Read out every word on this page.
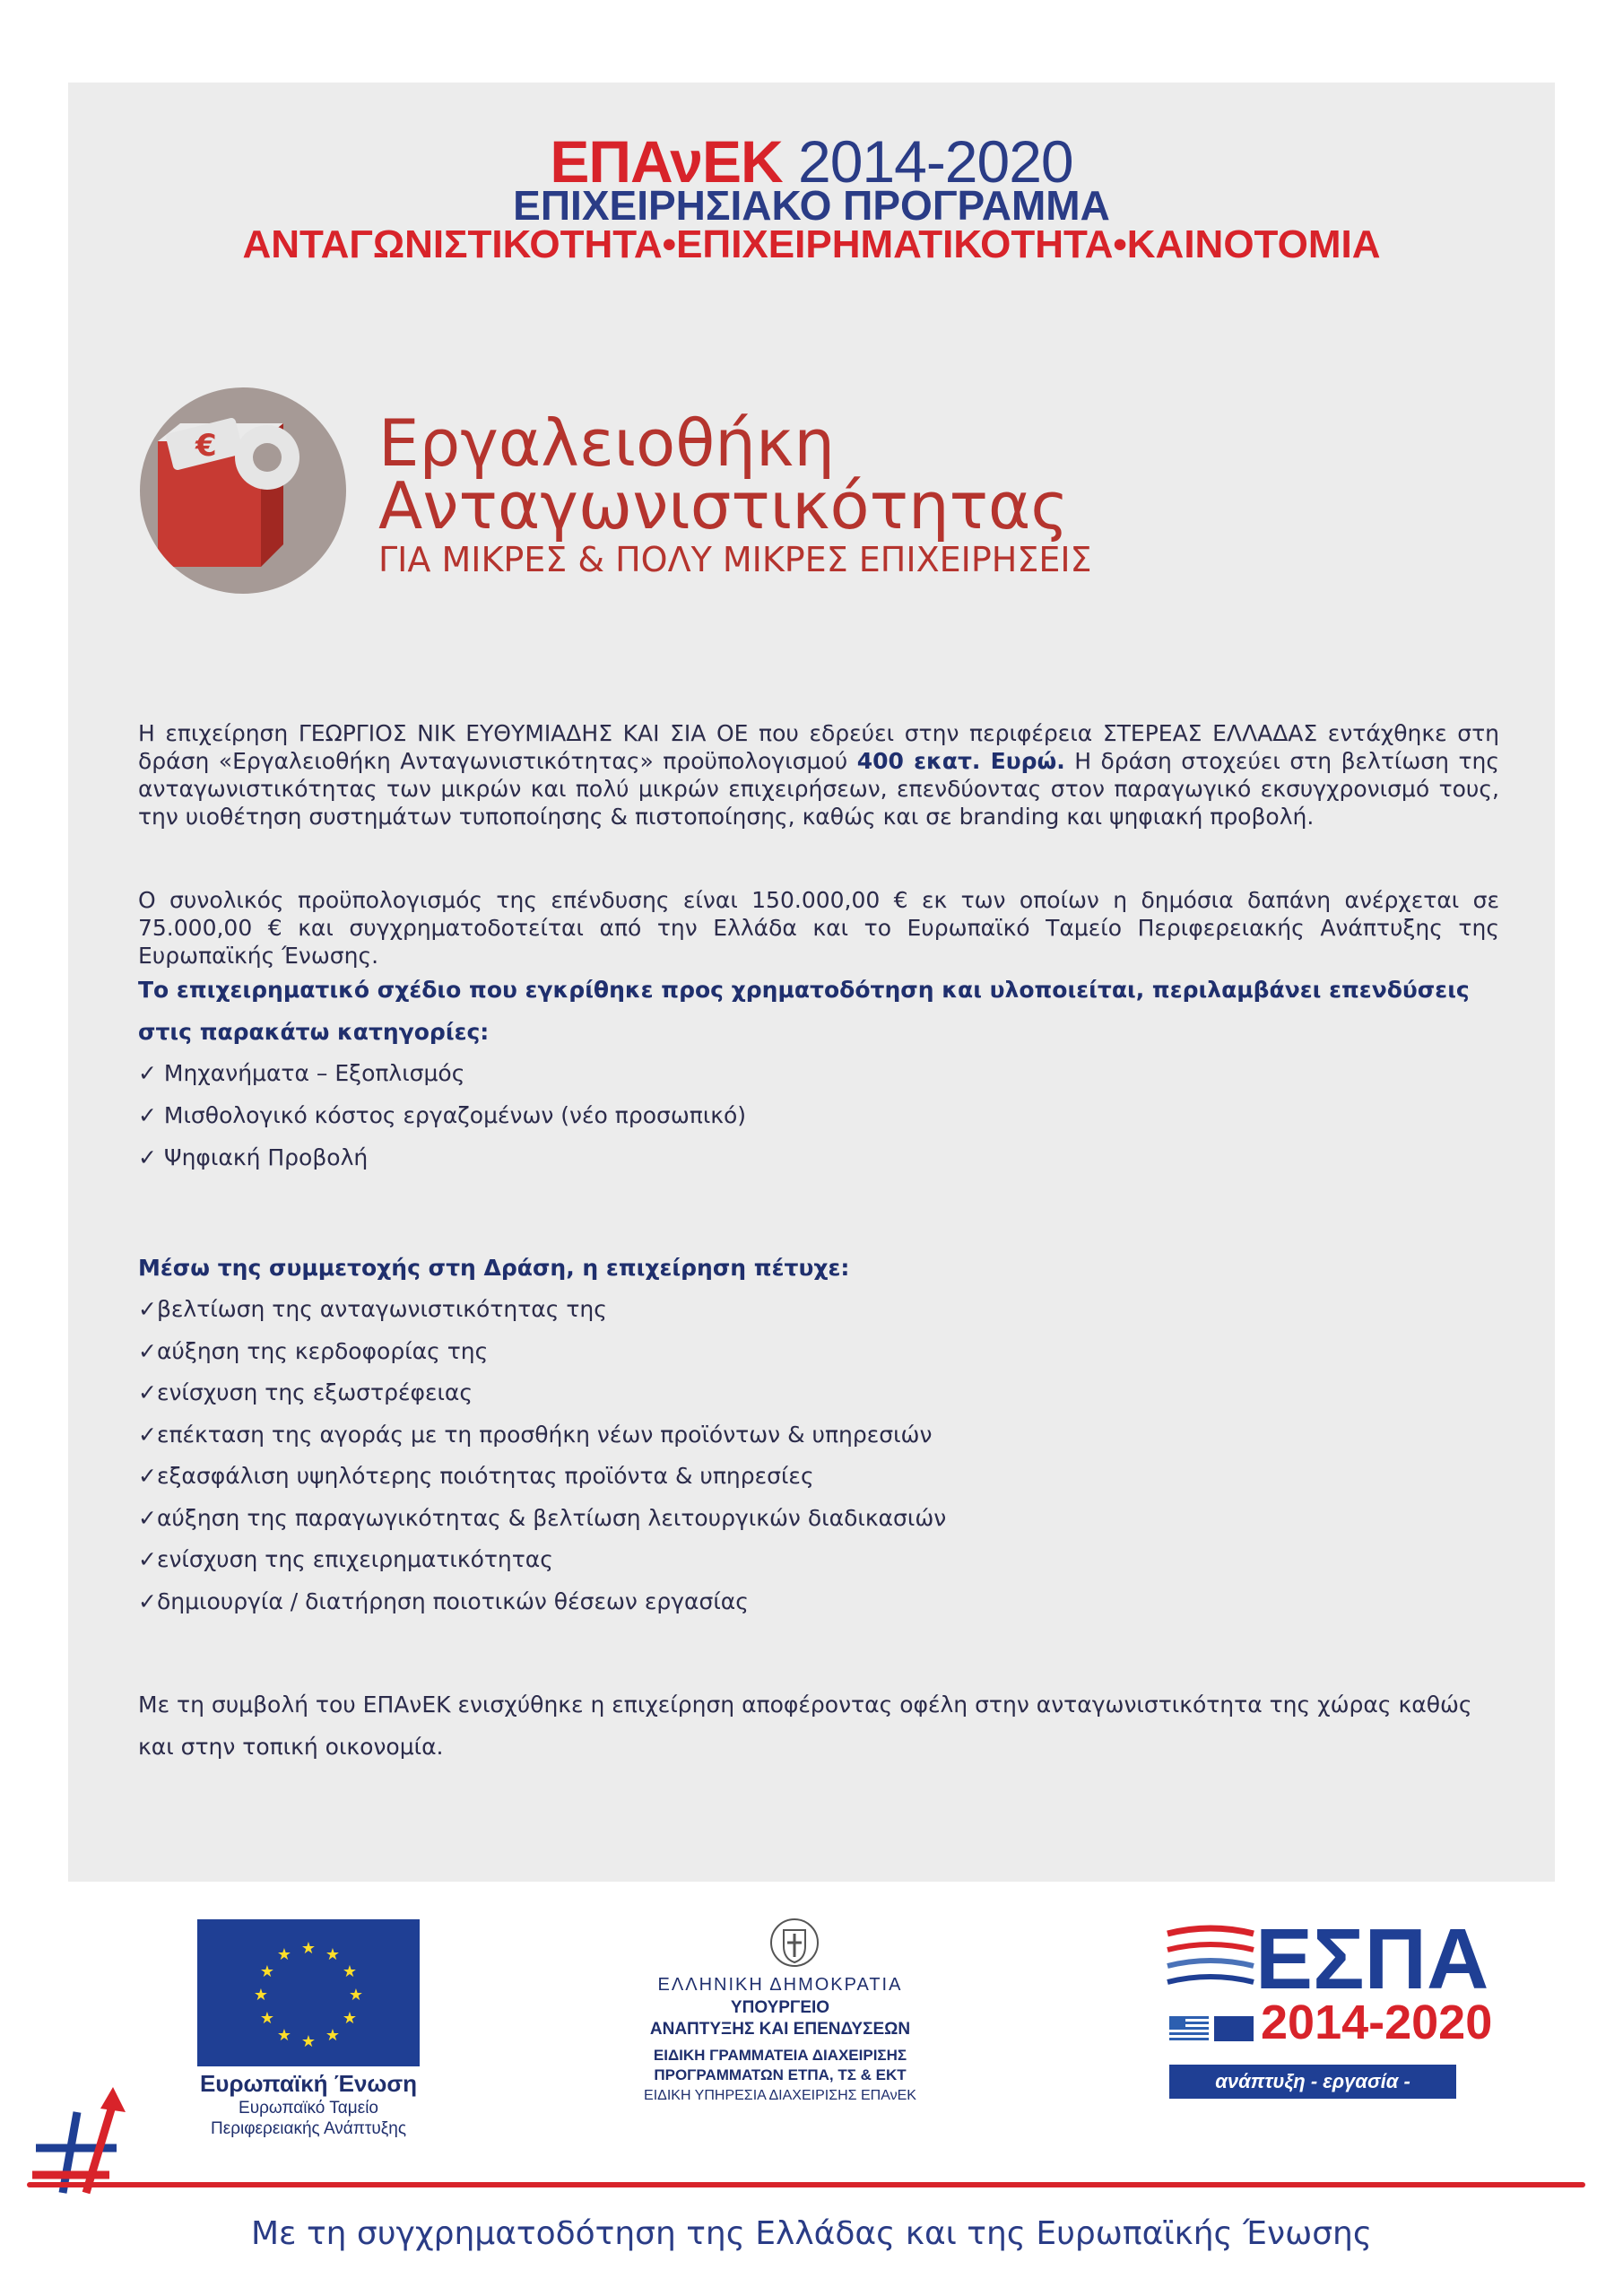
ΕΠΑνΕΚ 2014-2020
ΕΠΙΧΕΙΡΗΣΙΑΚΟ ΠΡΟΓΡΑΜΜΑ
ΑΝΤΑΓΩΝΙΣΤΙΚΟΤΗΤΑ•ΕΠΙΧΕΙΡΗΜΑΤΙΚΟΤΗΤΑ•ΚΑΙΝΟΤΟΜΙΑ
€	Εργαλειοθήκη
Ανταγωνιστικότητας
ΓΙΑ ΜΙΚΡΕΣ & ΠΟΛΥ ΜΙΚΡΕΣ ΕΠΙΧΕΙΡΗΣΕΙΣ
Η επιχείρηση ΓΕΩΡΓΙΟΣ ΝΙΚ ΕΥΘΥΜΙΑΔΗΣ ΚΑΙ ΣΙΑ ΟΕ που εδρεύει στην περιφέρεια ΣΤΕΡΕΑΣ ΕΛΛΑΔΑΣ εντάχθηκε στη δράση «Εργαλειοθήκη Ανταγωνιστικότητας» προϋπολογισμού 400 εκατ. Ευρώ. Η δράση στοχεύει στη βελτίωση της ανταγωνιστικότητας των μικρών και πολύ μικρών επιχειρήσεων, επενδύοντας στον παραγωγικό εκσυγχρονισμό τους, την υιοθέτηση συστημάτων τυποποίησης & πιστοποίησης, καθώς και σε branding και ψηφιακή προβολή.
Ο συνολικός προϋπολογισμός της επένδυσης είναι 150.000,00 € εκ των οποίων η δημόσια δαπάνη ανέρχεται σε 75.000,00 € και συγχρηματοδοτείται από την Ελλάδα και το Ευρωπαϊκό Ταμείο Περιφερειακής Ανάπτυξης της Ευρωπαϊκής Ένωσης.
Το επιχειρηματικό σχέδιο που εγκρίθηκε προς χρηματοδότηση και υλοποιείται, περιλαμβάνει επενδύσεις
στις παρακάτω κατηγορίες:
✓ Μηχανήματα – Εξοπλισμός
✓ Μισθολογικό κόστος εργαζομένων (νέο προσωπικό)
✓ Ψηφιακή Προβολή
Μέσω της συμμετοχής στη Δράση, η επιχείρηση πέτυχε:
✓βελτίωση της ανταγωνιστικότητας της
✓αύξηση της κερδοφορίας της
✓ενίσχυση της εξωστρέφειας
✓επέκταση της αγοράς με τη προσθήκη νέων προϊόντων & υπηρεσιών
✓εξασφάλιση υψηλότερης ποιότητας προϊόντα & υπηρεσίες
✓αύξηση της παραγωγικότητας & βελτίωση λειτουργικών διαδικασιών
✓ενίσχυση της επιχειρηματικότητας
✓δημιουργία / διατήρηση ποιοτικών θέσεων εργασίας
Με τη συμβολή του ΕΠΑνΕΚ ενισχύθηκε η επιχείρηση αποφέροντας οφέλη στην ανταγωνιστικότητα της χώρας καθώς
και στην τοπική οικονομία.
★ ★
★
★
★
★
★
★
★
★
★
★
Ευρωπαϊκή Ένωση
Ευρωπαϊκό Ταμείο
Περιφερειακής Ανάπτυξης
ΕΛΛΗΝΙΚΗ ΔΗΜΟΚΡΑΤΙΑ
ΥΠΟΥΡΓΕΙΟ
ΑΝΑΠΤΥΞΗΣ ΚΑΙ ΕΠΕΝΔΥΣΕΩΝ
ΕΙΔΙΚΗ ΓΡΑΜΜΑΤΕΙΑ ΔΙΑΧΕΙΡΙΣΗΣ
ΠΡΟΓΡΑΜΜΑΤΩΝ ΕΤΠΑ, ΤΣ & ΕΚΤ
ΕΙΔΙΚΗ ΥΠΗΡΕΣΙΑ ΔΙΑΧΕΙΡΙΣΗΣ ΕΠΑνΕΚ
ΕΣΠΑ
2014-2020
ανάπτυξη - εργασία - αλληλεγγύη
Με τη συγχρηματοδότηση της Ελλάδας και της Ευρωπαϊκής Ένωσης
